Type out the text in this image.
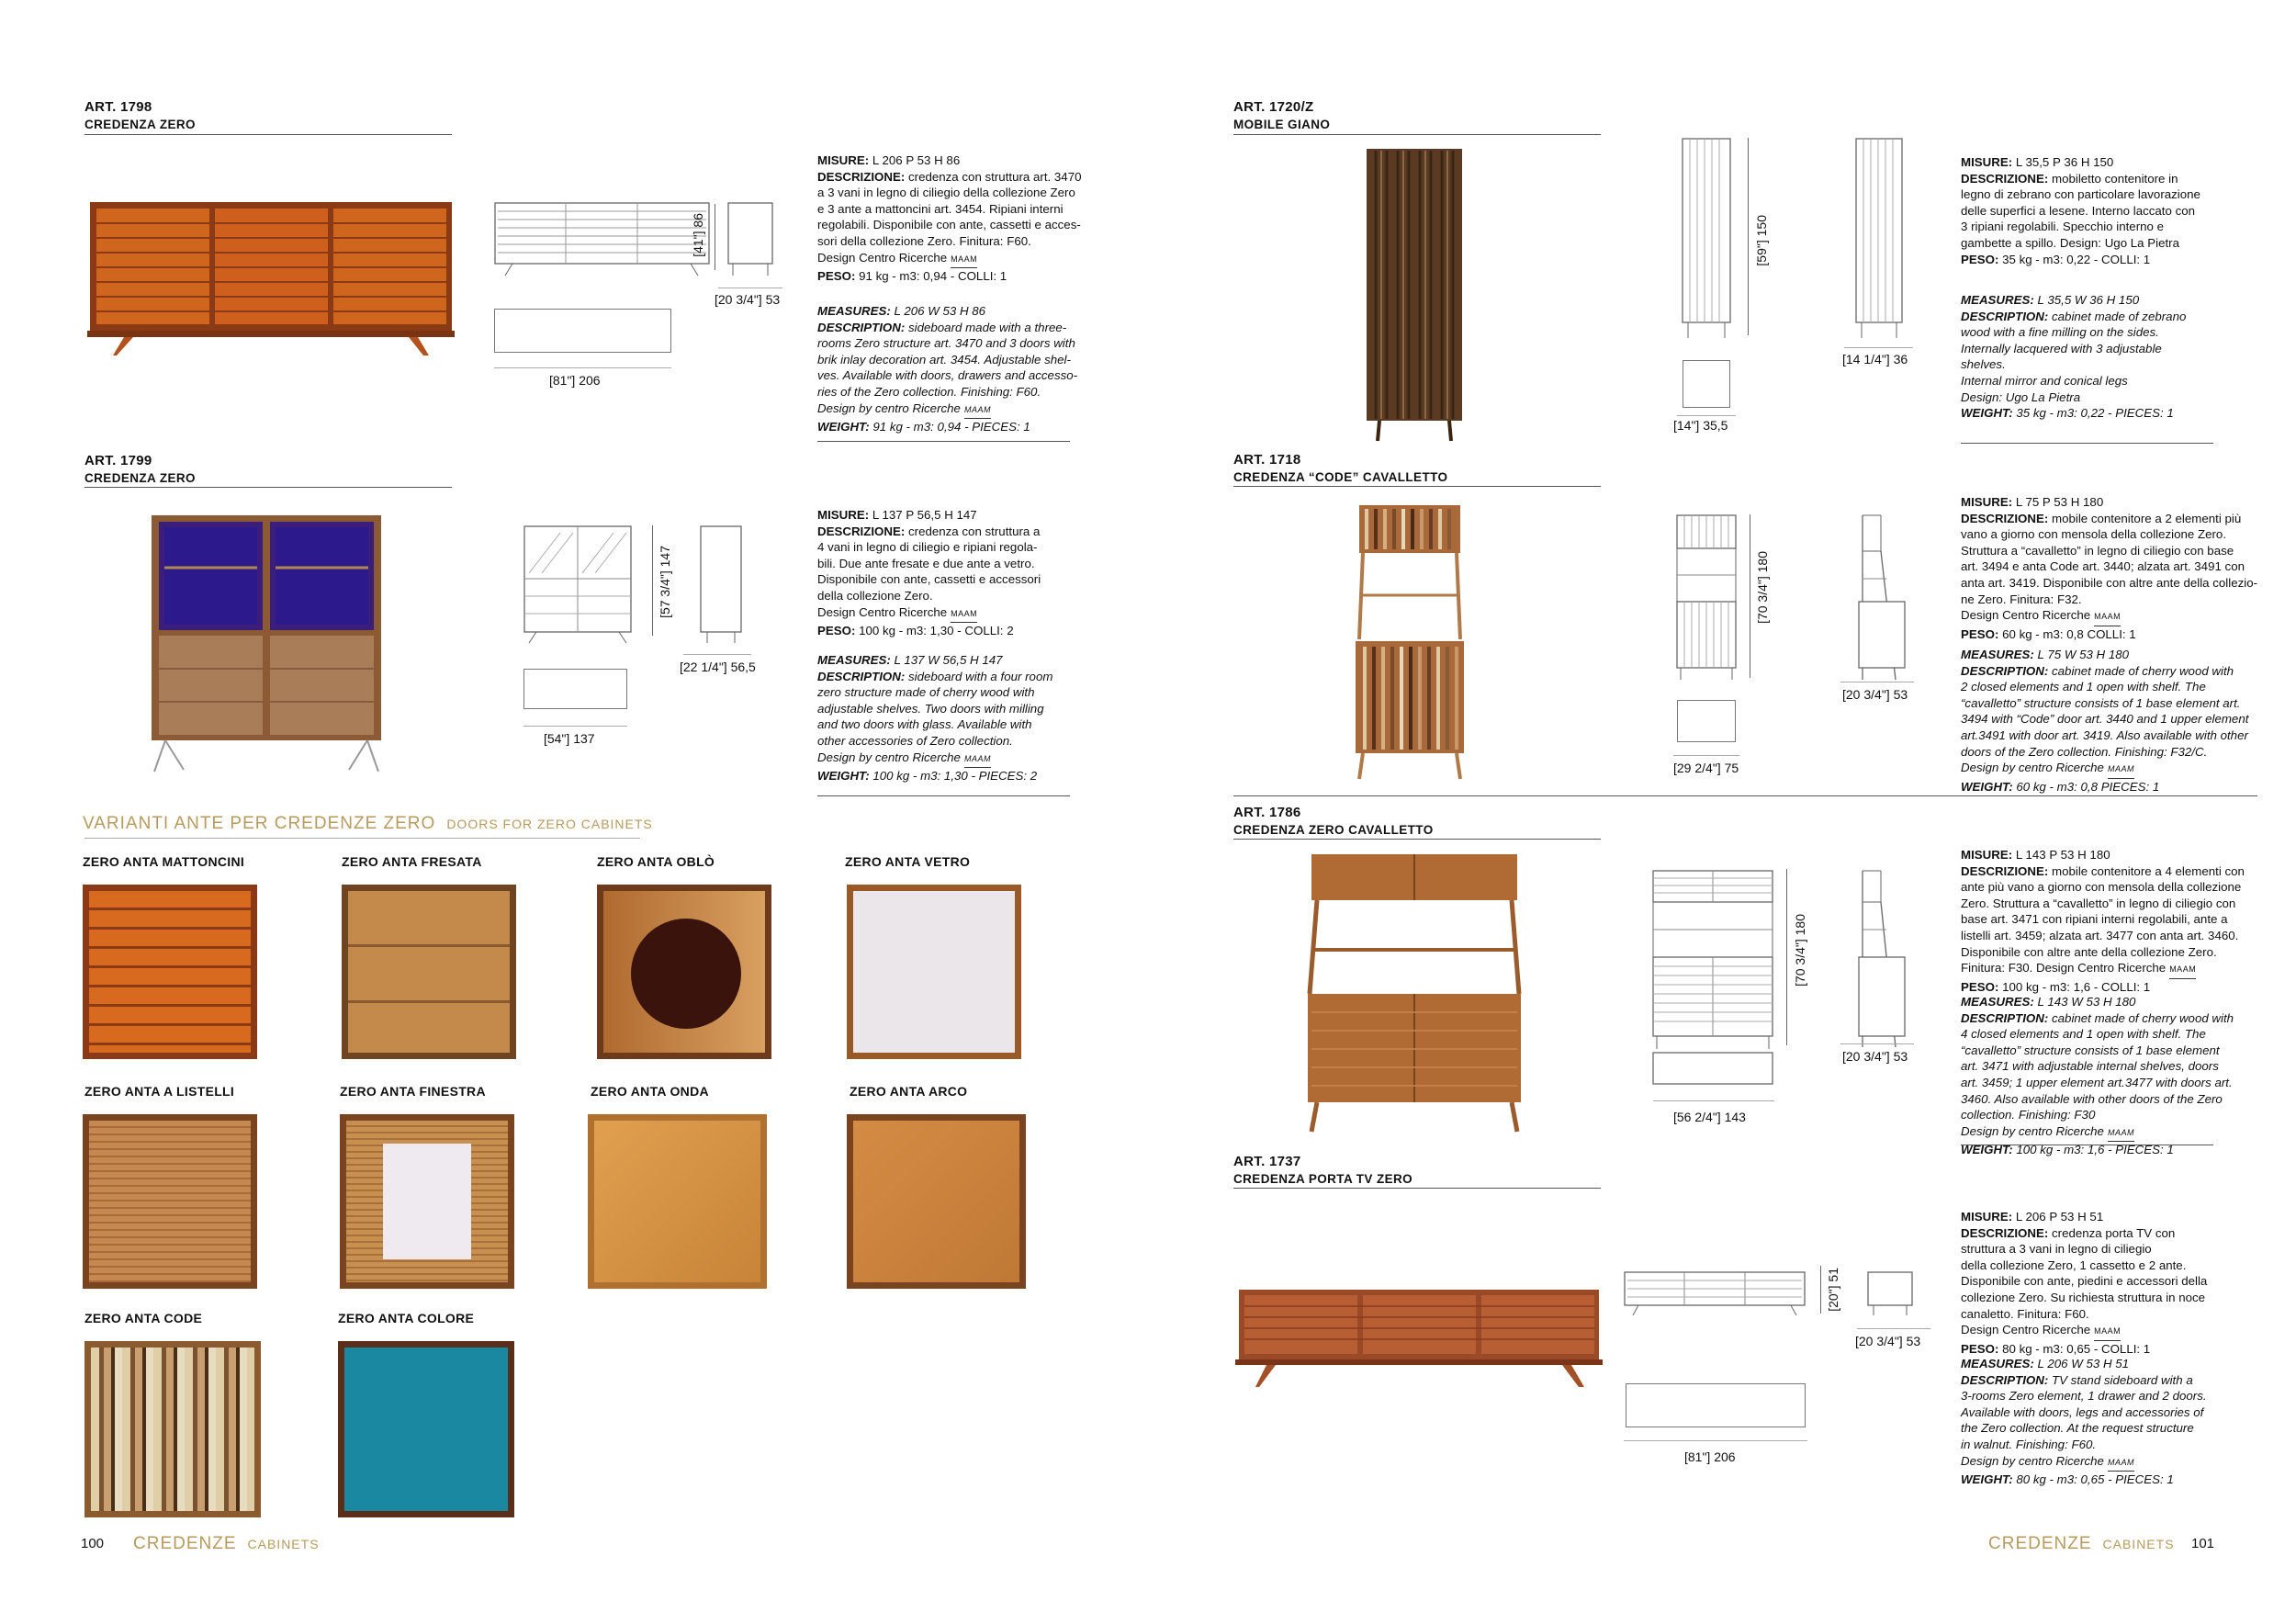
ART. 1798
CREDENZA ZERO
[41"] 86
[20 3/4"] 53
[81"] 206
MISURE: L 206 P 53 H 86
DESCRIZIONE: credenza con struttura art. 3470
a 3 vani in legno di ciliegio della collezione Zero
e 3 ante a mattoncini art. 3454. Ripiani interni
regolabili. Disponibile con ante, cassetti e acces-
sori della collezione Zero. Finitura: F60.
Design Centro Ricerche MAAM
PESO: 91 kg - m3: 0,94 - COLLI: 1
MEASURES: L 206 W 53 H 86
DESCRIPTION: sideboard made with a three-
rooms Zero structure art. 3470 and 3 doors with
brik inlay decoration art. 3454. Adjustable shel-
ves. Available with doors, drawers and accesso-
ries of the Zero collection. Finishing: F60.
Design by centro Ricerche MAAM
WEIGHT: 91 kg - m3: 0,94 - PIECES: 1
ART. 1799
CREDENZA ZERO
[57 3/4"] 147
[22 1/4"] 56,5
[54"] 137
MISURE: L 137 P 56,5 H 147
DESCRIZIONE: credenza con struttura a
4 vani in legno di ciliegio e ripiani regola-
bili. Due ante fresate e due ante a vetro.
Disponibile con ante, cassetti e accessori
della collezione Zero.
Design Centro Ricerche MAAM
PESO: 100 kg - m3: 1,30 - COLLI: 2
MEASURES: L 137 W 56,5 H 147
DESCRIPTION: sideboard with a four room
zero structure made of cherry wood with
adjustable shelves. Two doors with milling
and two doors with glass. Available with
other accessories of Zero collection.
Design by centro Ricerche MAAM
WEIGHT: 100 kg - m3: 1,30 - PIECES: 2
VARIANTI ANTE PER CREDENZE ZERO DOORS FOR ZERO CABINETS
ZERO ANTA MATTONCINI	ZERO ANTA FRESATA	ZERO ANTA OBLÒ	ZERO ANTA VETRO
ZERO ANTA A LISTELLI	ZERO ANTA FINESTRA	ZERO ANTA ONDA	ZERO ANTA ARCO
ZERO ANTA CODE	ZERO ANTA COLORE
100 CREDENZE CABINETS
ART. 1720/Z
MOBILE GIANO
[59"] 150
[14 1/4"] 36
[14"] 35,5
MISURE: L 35,5 P 36 H 150
DESCRIZIONE: mobiletto contenitore in
legno di zebrano con particolare lavorazione
delle superfici a lesene. Interno laccato con
3 ripiani regolabili. Specchio interno e
gambette a spillo. Design: Ugo La Pietra
PESO: 35 kg - m3: 0,22 - COLLI: 1
MEASURES: L 35,5 W 36 H 150
DESCRIPTION: cabinet made of zebrano
wood with a fine milling on the sides.
Internally lacquered with 3 adjustable
shelves.
Internal mirror and conical legs
Design: Ugo La Pietra
WEIGHT: 35 kg - m3: 0,22 - PIECES: 1
ART. 1718
CREDENZA “CODE” CAVALLETTO
[70 3/4"] 180
[20 3/4"] 53
[29 2/4"] 75
MISURE: L 75 P 53 H 180
DESCRIZIONE: mobile contenitore a 2 elementi più
vano a giorno con mensola della collezione Zero.
Struttura a “cavalletto” in legno di ciliegio con base
art. 3494 e anta Code art. 3440; alzata art. 3491 con
anta art. 3419. Disponibile con altre ante della collezio-
ne Zero. Finitura: F32.
Design Centro Ricerche MAAM
PESO: 60 kg - m3: 0,8 COLLI: 1
MEASURES: L 75 W 53 H 180
DESCRIPTION: cabinet made of cherry wood with
2 closed elements and 1 open with shelf. The
“cavalletto” structure consists of 1 base element art.
3494 with “Code” door art. 3440 and 1 upper element
art.3491 with door art. 3419. Also available with other
doors of the Zero collection. Finishing: F32/C.
Design by centro Ricerche MAAM
WEIGHT: 60 kg - m3: 0,8 PIECES: 1
ART. 1786
CREDENZA ZERO CAVALLETTO
[70 3/4"] 180
[20 3/4"] 53
[56 2/4"] 143
MISURE: L 143 P 53 H 180
DESCRIZIONE: mobile contenitore a 4 elementi con
ante più vano a giorno con mensola della collezione
Zero. Struttura a “cavalletto” in legno di ciliegio con
base art. 3471 con ripiani interni regolabili, ante a
listelli art. 3459; alzata art. 3477 con anta art. 3460.
Disponibile con altre ante della collezione Zero.
Finitura: F30. Design Centro Ricerche MAAM
PESO: 100 kg - m3: 1,6 - COLLI: 1
MEASURES: L 143 W 53 H 180
DESCRIPTION: cabinet made of cherry wood with
4 closed elements and 1 open with shelf. The
“cavalletto” structure consists of 1 base element
art. 3471 with adjustable internal shelves, doors
art. 3459; 1 upper element art.3477 with doors art.
3460. Also available with other doors of the Zero
collection. Finishing: F30
Design by centro Ricerche MAAM
WEIGHT: 100 kg - m3: 1,6 - PIECES: 1
ART. 1737
CREDENZA PORTA TV ZERO
[20"] 51
[20 3/4"] 53
[81"] 206
MISURE: L 206 P 53 H 51
DESCRIZIONE: credenza porta TV con
struttura a 3 vani in legno di ciliegio
della collezione Zero, 1 cassetto e 2 ante.
Disponibile con ante, piedini e accessori della
collezione Zero. Su richiesta struttura in noce
canaletto. Finitura: F60.
Design Centro Ricerche MAAM
PESO: 80 kg - m3: 0,65 - COLLI: 1
MEASURES: L 206 W 53 H 51
DESCRIPTION: TV stand sideboard with a
3-rooms Zero element, 1 drawer and 2 doors.
Available with doors, legs and accessories of
the Zero collection. At the request structure
in walnut. Finishing: F60.
Design by centro Ricerche MAAM
WEIGHT: 80 kg - m3: 0,65 - PIECES: 1
CREDENZE CABINETS 101
